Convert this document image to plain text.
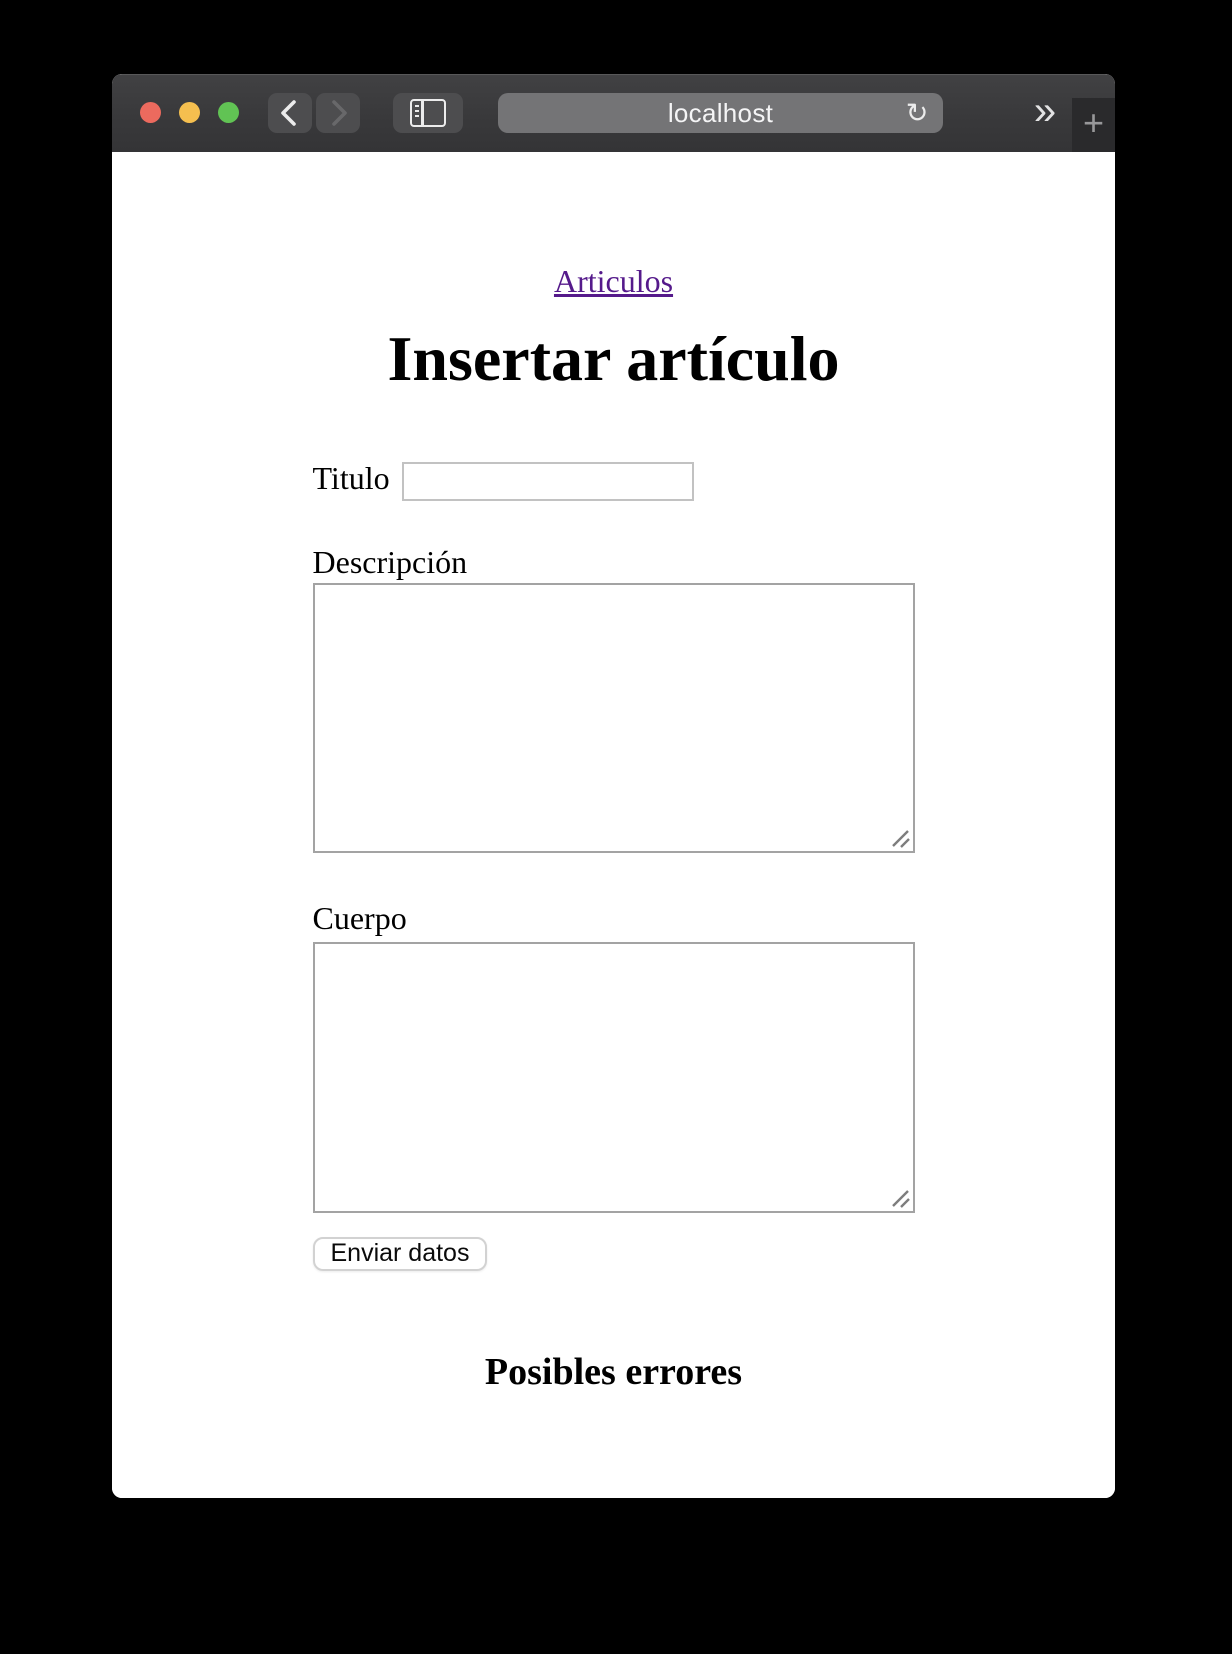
localhost	↻	» +

Articulos

Insertar artículo
Titulo
Descripción
Cuerpo
Enviar datos
Posibles errores
